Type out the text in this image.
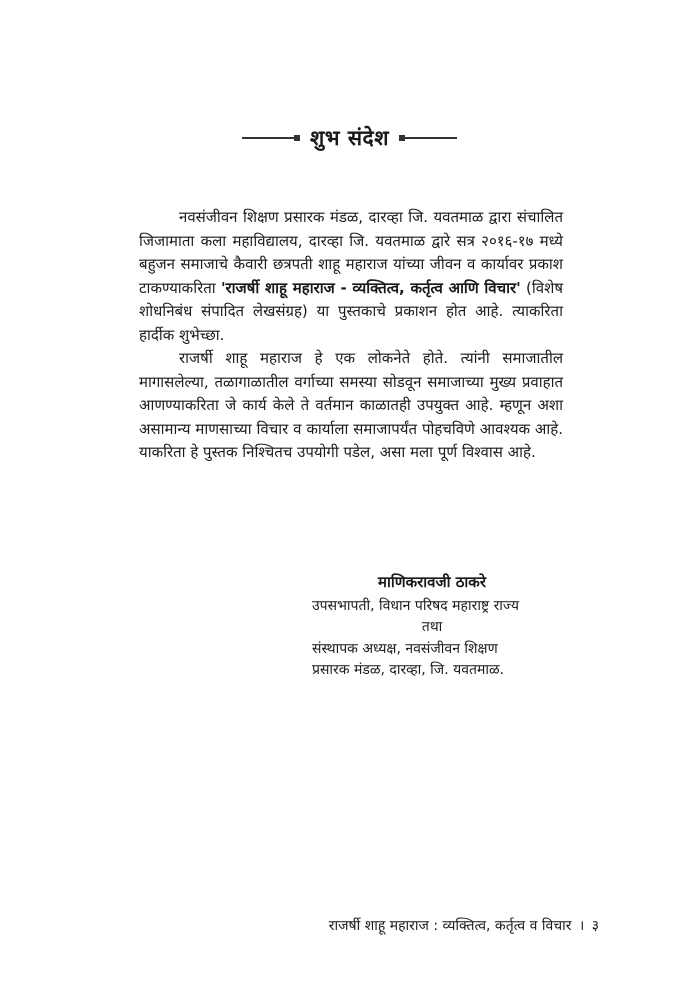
शुभ संदेश

नवसंजीवन शिक्षण प्रसारक मंडळ, दारव्हा जि. यवतमाळ द्वारा संचालित जिजामाता कला महाविद्यालय, दारव्हा जि. यवतमाळ द्वारे सत्र २०१६-१७ मध्ये बहुजन समाजाचे कैवारी छत्रपती शाहू महाराज यांच्या जीवन व कार्यावर प्रकाश टाकण्याकरिता 'राजर्षी शाहू महाराज - व्यक्तित्व, कर्तृत्व आणि विचार' (विशेष शोधनिबंध संपादित लेखसंग्रह) या पुस्तकाचे प्रकाशन होत आहे. त्याकरिता हार्दीक शुभेच्छा.

राजर्षी शाहू महाराज हे एक लोकनेते होते. त्यांनी समाजातील मागासलेल्या, तळागाळातील वर्गाच्या समस्या सोडवून समाजाच्या मुख्य प्रवाहात आणण्याकरिता जे कार्य केले ते वर्तमान काळातही उपयुक्त आहे. म्हणून अशा असामान्य माणसाच्या विचार व कार्याला समाजापर्यंत पोहचविणे आवश्यक आहे. याकरिता हे पुस्तक निश्चितच उपयोगी पडेल, असा मला पूर्ण विश्वास आहे.

माणिकरावजी ठाकरे
उपसभापती, विधान परिषद महाराष्ट्र राज्य
तथा
संस्थापक अध्यक्ष, नवसंजीवन शिक्षण
प्रसारक मंडळ, दारव्हा, जि. यवतमाळ.
राजर्षी शाहू महाराज : व्यक्तित्व, कर्तृत्व व विचार । ३
